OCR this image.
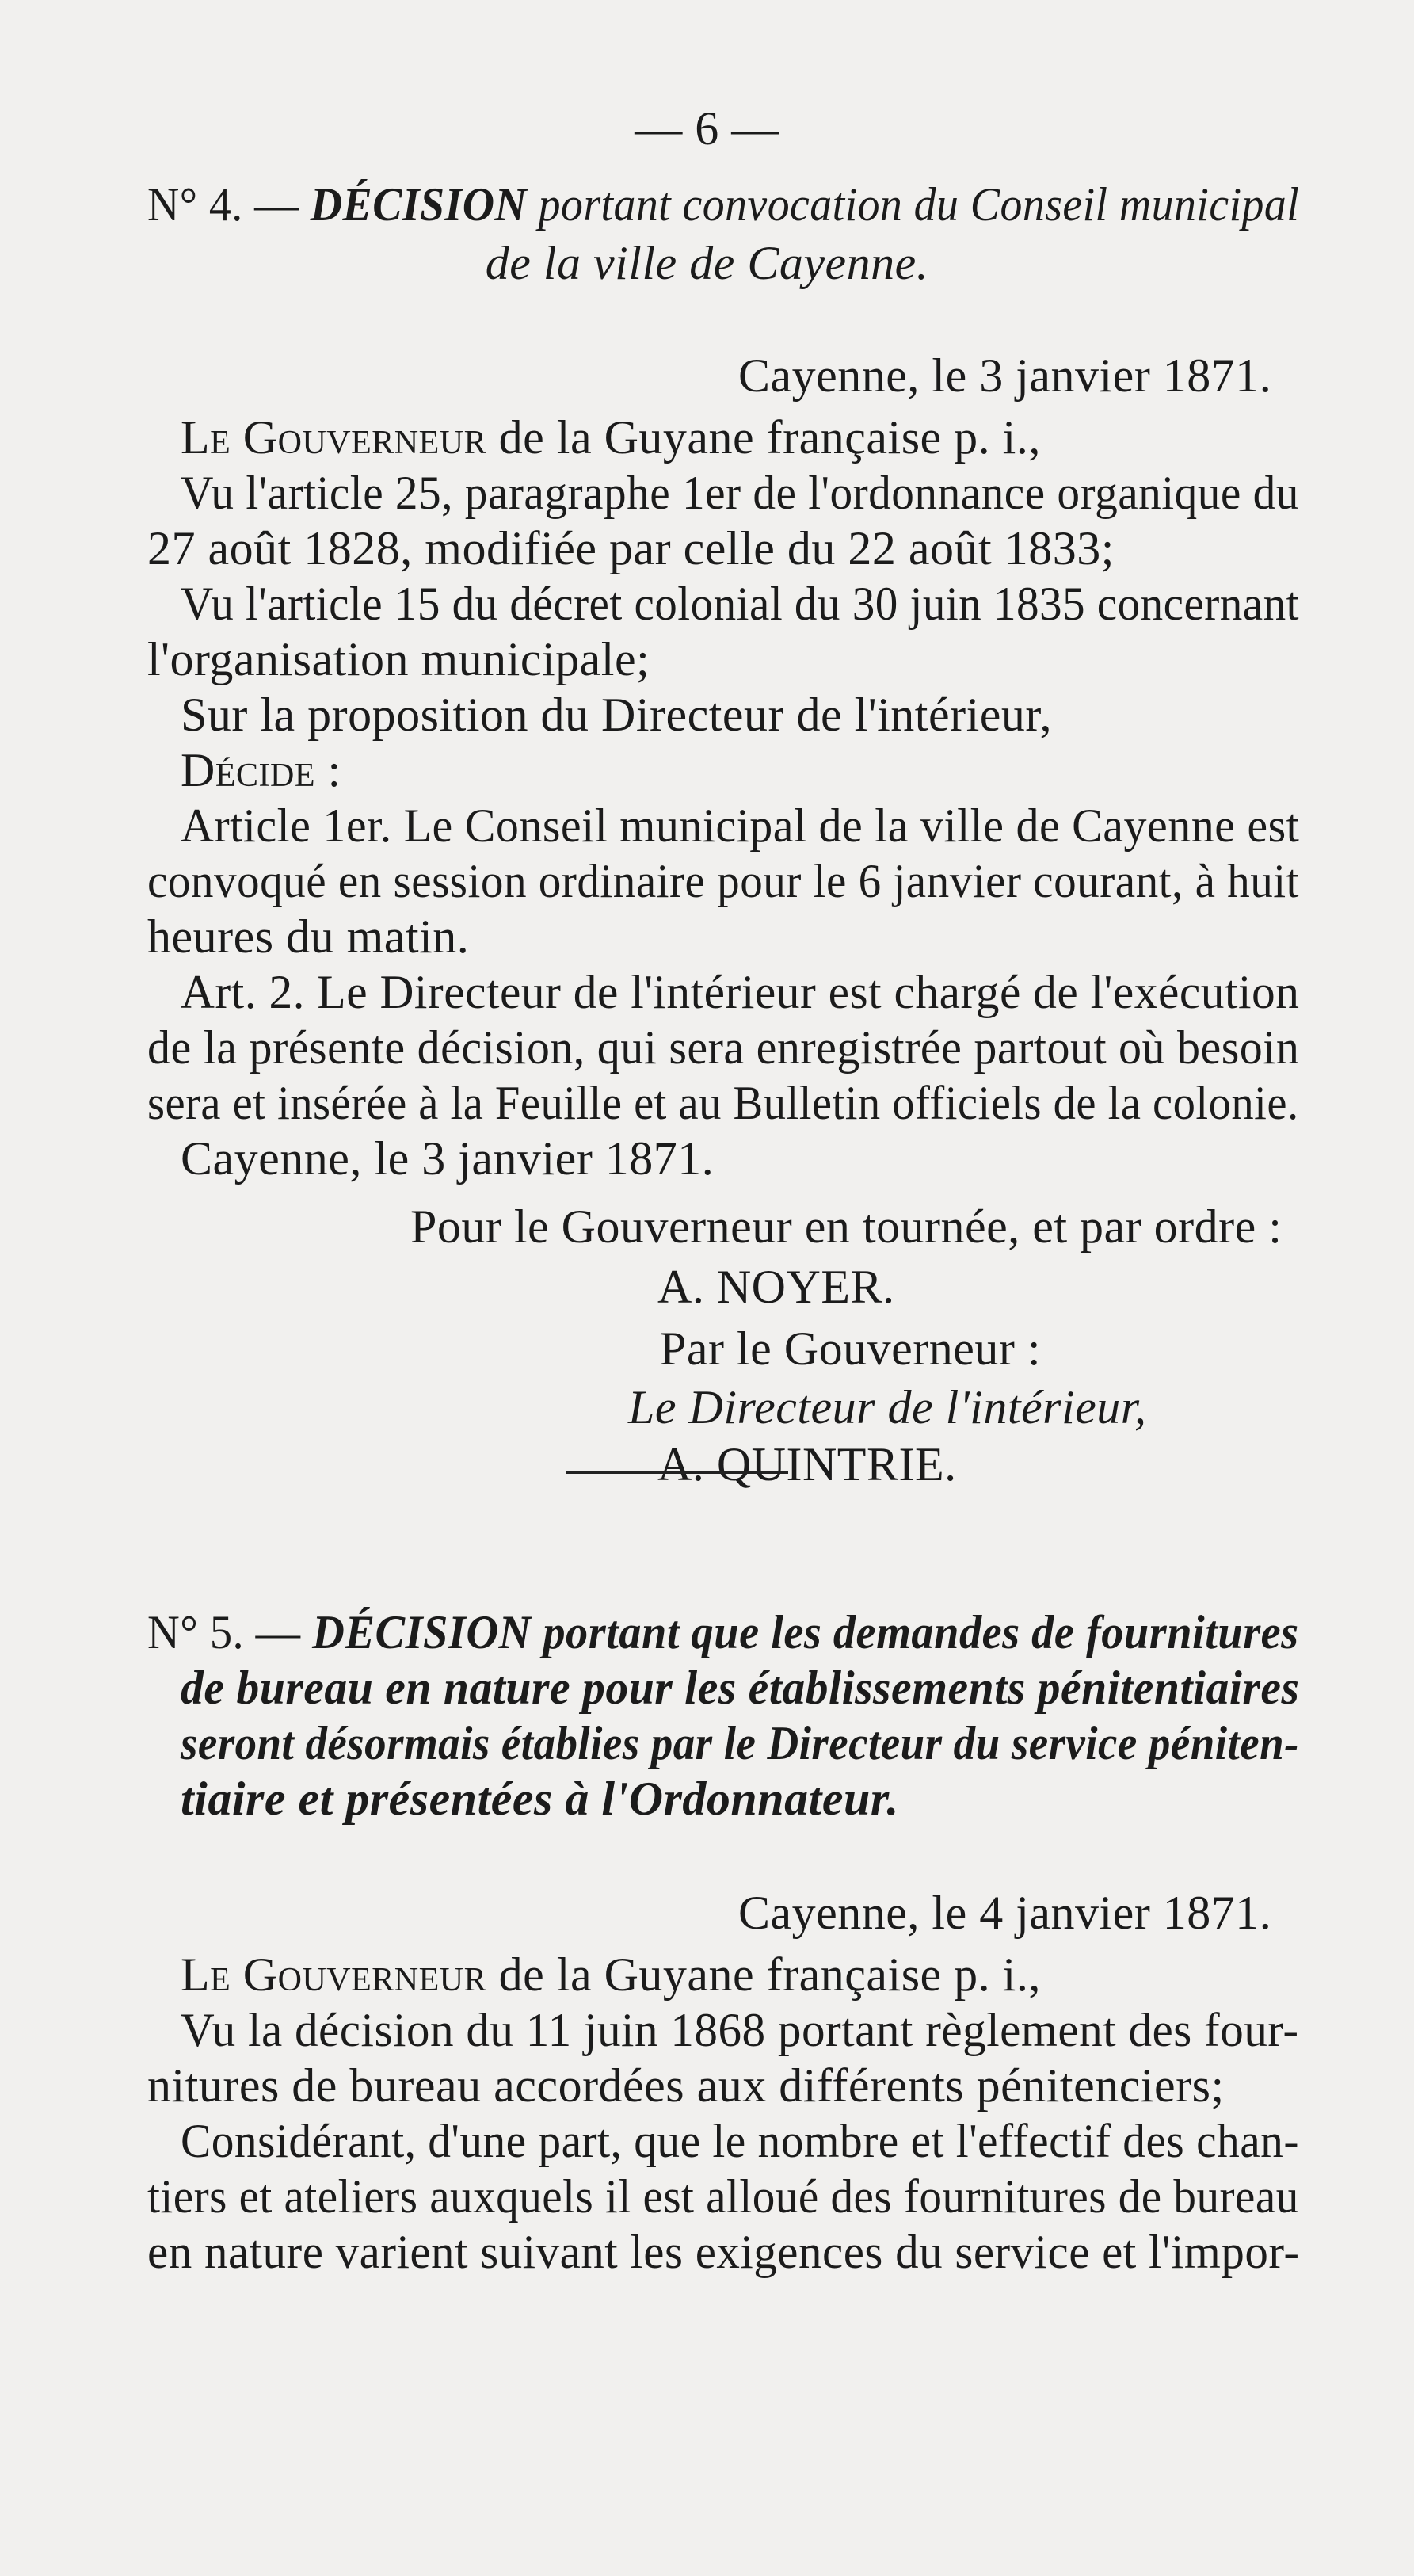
— 6 —
N° 4. — DÉCISION portant convocation du Conseil municipal
de la ville de Cayenne.
Cayenne, le 3 janvier 1871.
Le Gouverneur de la Guyane française p. i.,
Vu l'article 25, paragraphe 1er de l'ordonnance organique du
27 août 1828, modifiée par celle du 22 août 1833;
Vu l'article 15 du décret colonial du 30 juin 1835 concernant
l'organisation municipale;
Sur la proposition du Directeur de l'intérieur,
Décide :
Article 1er. Le Conseil municipal de la ville de Cayenne est
convoqué en session ordinaire pour le 6 janvier courant, à huit
heures du matin.
Art. 2. Le Directeur de l'intérieur est chargé de l'exécution
de la présente décision, qui sera enregistrée partout où besoin
sera et insérée à la Feuille et au Bulletin officiels de la colonie.
Cayenne, le 3 janvier 1871.
Pour le Gouverneur en tournée, et par ordre :
A. NOYER.
Par le Gouverneur :
Le Directeur de l'intérieur,
A. QUINTRIE.
N° 5. — DÉCISION portant que les demandes de fournitures
de bureau en nature pour les établissements pénitentiaires
seront désormais établies par le Directeur du service péniten-
tiaire et présentées à l'Ordonnateur.
Cayenne, le 4 janvier 1871.
Le Gouverneur de la Guyane française p. i.,
Vu la décision du 11 juin 1868 portant règlement des four-
nitures de bureau accordées aux différents pénitenciers;
Considérant, d'une part, que le nombre et l'effectif des chan-
tiers et ateliers auxquels il est alloué des fournitures de bureau
en nature varient suivant les exigences du service et l'impor-
